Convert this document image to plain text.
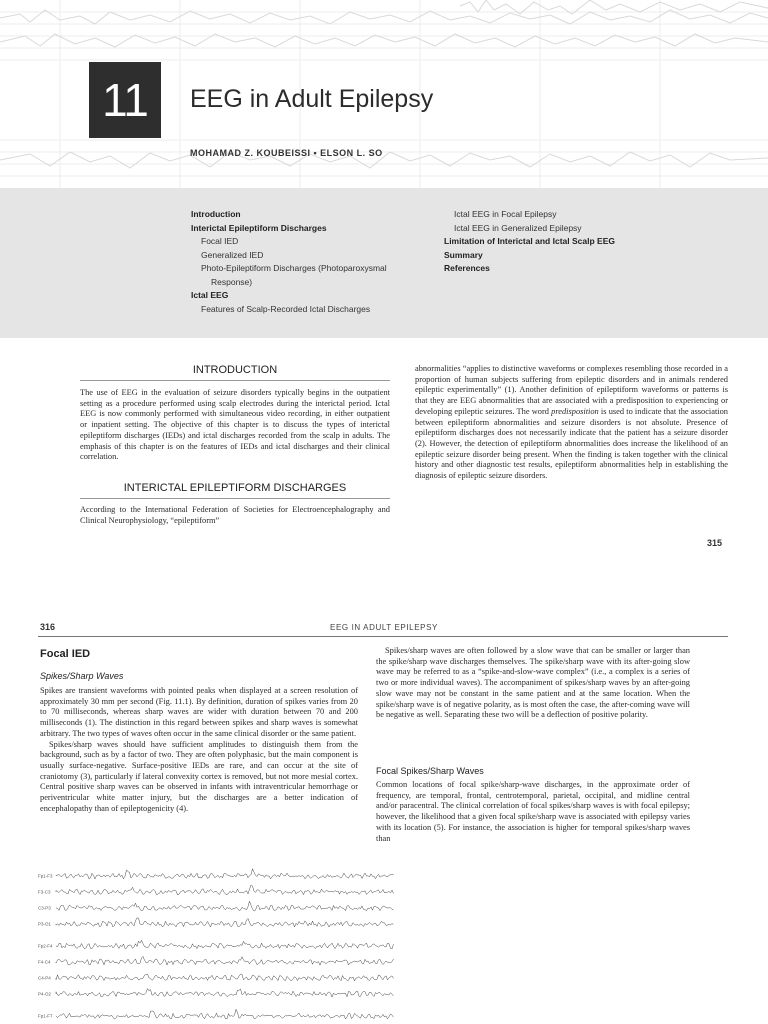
11	EEG in Adult Epilepsy
MOHAMAD Z. KOUBEISSI • ELSON L. SO
Introduction
Interictal Epileptiform Discharges
Focal IED
Generalized IED
Photo-Epileptiform Discharges (Photoparoxysmal
Response)
Ictal EEG
Features of Scalp-Recorded Ictal Discharges
Ictal EEG in Focal Epilepsy
Ictal EEG in Generalized Epilepsy
Limitation of Interictal and Ictal Scalp EEG
Summary
References
INTRODUCTION

The use of EEG in the evaluation of seizure disorders typically begins in the outpatient setting as a procedure performed using scalp electrodes during the interictal period. Ictal EEG is now commonly performed with simultaneous video recording, in either outpatient or inpatient setting. The objective of this chapter is to discuss the types of interictal epileptiform discharges (IEDs) and ictal discharges recorded from the scalp in adults. The emphasis of this chapter is on the features of IEDs and ictal discharges and their clinical correlation.

INTERICTAL EPILEPTIFORM DISCHARGES

According to the International Federation of Societies for Electroencephalography and Clinical Neurophysiology, “epileptiform”

abnormalities “applies to distinctive waveforms or complexes resembling those recorded in a proportion of human subjects suffering from epileptic disorders and in animals rendered epileptic experimentally” (1). Another definition of epileptiform waveforms or patterns is that they are EEG abnormalities that are associated with a predisposition to experiencing or developing epileptic seizures. The word predisposition is used to indicate that the association between epileptiform abnormalities and seizure disorders is not absolute. Presence of epileptiform discharges does not necessarily indicate that the patient has a seizure disorder (2). However, the detection of epileptiform abnormalities does increase the likelihood of an epileptic seizure disorder being present. When the finding is taken together with the clinical history and other diagnostic test results, epileptiform abnormalities help in establishing the diagnosis of epileptic seizure disorders.

315
316	EEG IN ADULT EPILEPSY
Focal IED
Spikes/Sharp Waves

Spikes are transient waveforms with pointed peaks when displayed at a screen resolution of approximately 30 mm per second (Fig. 11.1). By definition, duration of spikes varies from 20 to 70 milliseconds, whereas sharp waves are wider with duration between 70 and 200 milliseconds (1). The distinction in this regard between spikes and sharp waves is somewhat arbitrary. The two types of waves often occur in the same clinical disorder or the same patient.

Spikes/sharp waves should have sufficient amplitudes to distinguish them from the background, such as by a factor of two. They are often polyphasic, but the main component is usually surface-negative. Surface-positive IEDs are rare, and can occur at the site of craniotomy (3), particularly if lateral convexity cortex is removed, but not more mesial cortex. Central positive sharp waves can be observed in infants with intraventricular hemorrhage or periventricular white matter injury, but the discharges are a better indication of encephalopathy than of epileptogenicity (4).

Spikes/sharp waves are often followed by a slow wave that can be smaller or larger than the spike/sharp wave discharges themselves. The spike/sharp wave with its after-going slow wave may be referred to as a “spike-and-slow-wave complex” (i.e., a complex is a series of two or more individual waves). The accompaniment of spikes/sharp waves by an after-going slow wave may not be constant in the same patient and at the same location. When the spike/sharp wave is of negative polarity, as is most often the case, the after-coming wave will be negative as well. Separating these two will be a deflection of positive polarity.

Focal Spikes/Sharp Waves

Common locations of focal spike/sharp-wave discharges, in the approximate order of frequency, are temporal, frontal, centrotemporal, parietal, occipital, and midline central and/or paracentral. The clinical correlation of focal spikes/sharp waves is with focal epilepsy; however, the likelihood that a given focal spike/sharp wave is associated with epilepsy varies with its location (5). For instance, the association is higher for temporal spikes/sharp waves than

Fp1-F3
F3-C3
C3-P3
P3-O1
Fp2-F4
F4-C4
C4-P4
P4-O2
Fp1-F7
